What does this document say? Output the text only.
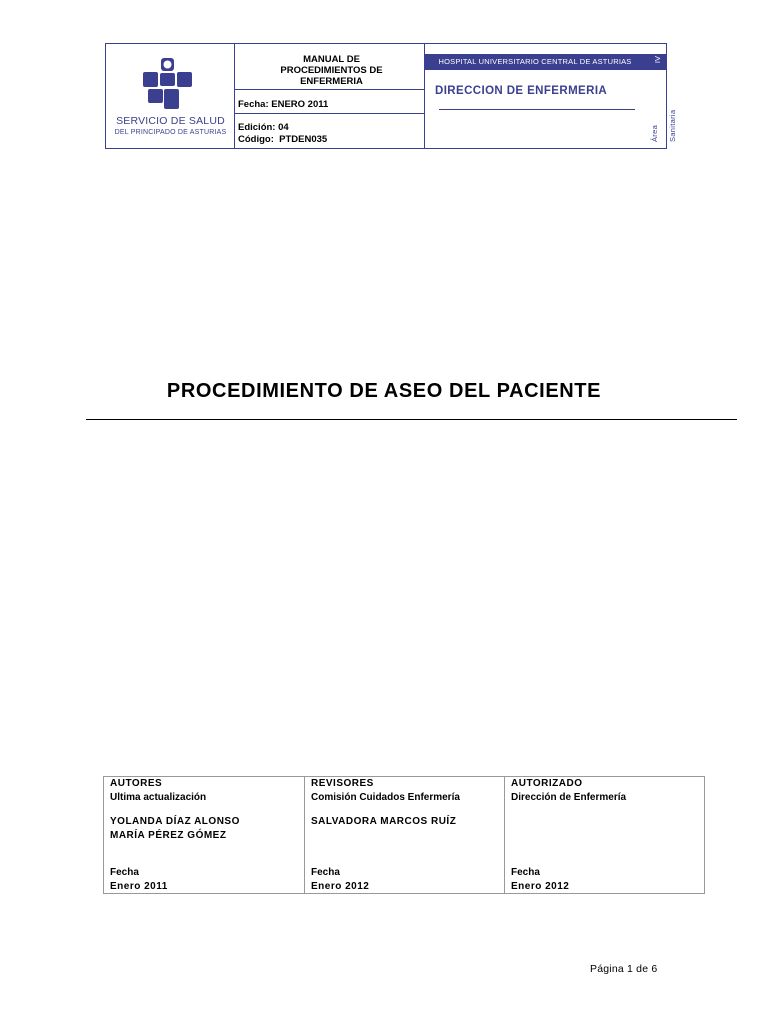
SERVICIO DE SALUD
DEL PRINCIPADO DE ASTURIAS
MANUAL DE
PROCEDIMIENTOS DE
ENFERMERIA
Fecha: ENERO 2011
Edición: 04
Código:  PTDEN035
HOSPITAL UNIVERSITARIO CENTRAL DE ASTURIAS	IV
Área Sanitaria
DIRECCION DE ENFERMERIA
PROCEDIMIENTO DE ASEO DEL PACIENTE
AUTORES
Ultima actualización
YOLANDA DÍAZ ALONSO
MARÍA PÉREZ GÓMEZ
Fecha
Enero 2011
REVISORES
Comisión Cuidados Enfermería
SALVADORA MARCOS RUÍZ
Fecha
Enero 2012
AUTORIZADO
Dirección de Enfermería
Fecha
Enero 2012
Página 1 de 6
